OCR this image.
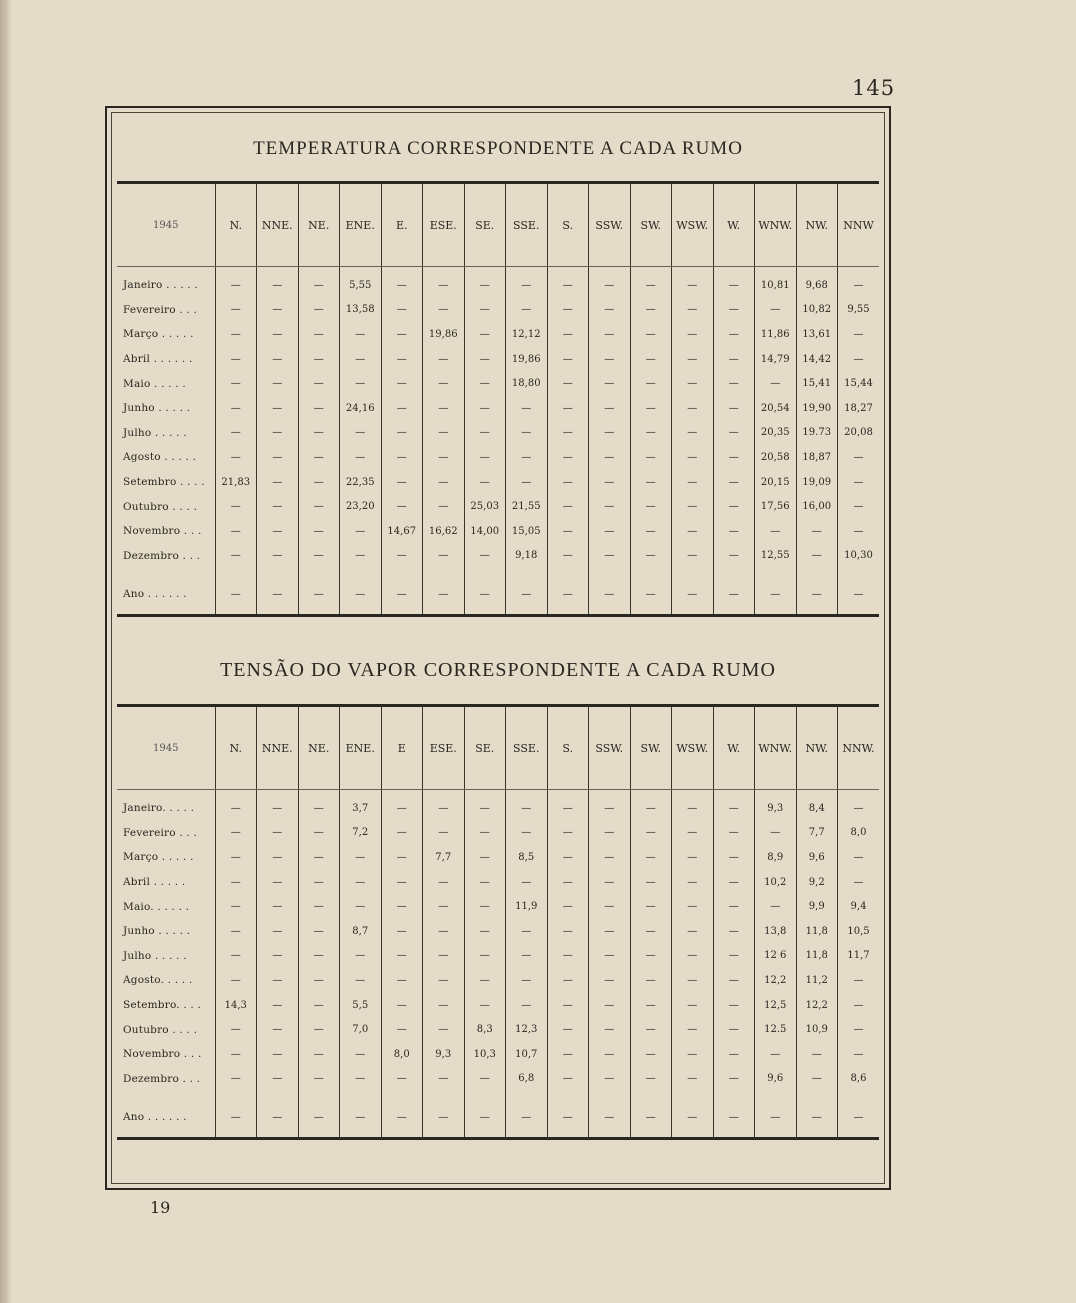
145
TEMPERATURA CORRESPONDENTE A CADA RUMO
1945	N.	NNE.	NE.	ENE.	E.	ESE.	SE.	SSE.	S.	SSW.	SW.	WSW.	W.	WNW.	NW.	NNW
Janeiro . . . . .	—	—	—	5,55	—	—	—	—	—	—	—	—	—	10,81	9,68	—
Fevereiro . . .	—	—	—	13,58	—	—	—	—	—	—	—	—	—	—	10,82	9,55
Março . . . . .	—	—	—	—	—	19,86	—	12,12	—	—	—	—	—	11,86	13,61	—
Abril . . . . . .	—	—	—	—	—	—	—	19,86	—	—	—	—	—	14,79	14,42	—
Maio . . . . .	—	—	—	—	—	—	—	18,80	—	—	—	—	—	—	15,41	15,44
Junho . . . . .	—	—	—	24,16	—	—	—	—	—	—	—	—	—	20,54	19,90	18,27
Julho . . . . .	—	—	—	—	—	—	—	—	—	—	—	—	—	20,35	19.73	20,08
Agosto . . . . .	—	—	—	—	—	—	—	—	—	—	—	—	—	20,58	18,87	—
Setembro . . . .	21,83	—	—	22,35	—	—	—	—	—	—	—	—	—	20,15	19,09	—
Outubro . . . .	—	—	—	23,20	—	—	25,03	21,55	—	—	—	—	—	17,56	16,00	—
Novembro . . .	—	—	—	—	14,67	16,62	14,00	15,05	—	—	—	—	—	—	—	—
Dezembro . . .	—	—	—	—	—	—	—	9,18	—	—	—	—	—	12,55	—	10,30
Ano . . . . . .	—	—	—	—	—	—	—	—	—	—	—	—	—	—	—	—
TENSÃO DO VAPOR CORRESPONDENTE A CADA RUMO
1945	N.	NNE.	NE.	ENE.	E	ESE.	SE.	SSE.	S.	SSW.	SW.	WSW.	W.	WNW.	NW.	NNW.
Janeiro. . . . .	—	—	—	3,7	—	—	—	—	—	—	—	—	—	9,3	8,4	—
Fevereiro . . .	—	—	—	7,2	—	—	—	—	—	—	—	—	—	—	7,7	8,0
Março . . . . .	—	—	—	—	—	7,7	—	8,5	—	—	—	—	—	8,9	9,6	—
Abril . . . . .	—	—	—	—	—	—	—	—	—	—	—	—	—	10,2	9,2	—
Maio. . . . . .	—	—	—	—	—	—	—	11,9	—	—	—	—	—	—	9,9	9,4
Junho . . . . .	—	—	—	8,7	—	—	—	—	—	—	—	—	—	13,8	11,8	10,5
Julho . . . . .	—	—	—	—	—	—	—	—	—	—	—	—	—	12 6	11,8	11,7
Agosto. . . . .	—	—	—	—	—	—	—	—	—	—	—	—	—	12,2	11,2	—
Setembro. . . .	14,3	—	—	5,5	—	—	—	—	—	—	—	—	—	12,5	12,2	—
Outubro . . . .	—	—	—	7,0	—	—	8,3	12,3	—	—	—	—	—	12.5	10,9	—
Novembro . . .	—	—	—	—	8,0	9,3	10,3	10,7	—	—	—	—	—	—	—	—
Dezembro . . .	—	—	—	—	—	—	—	6,8	—	—	—	—	—	9,6	—	8,6
Ano . . . . . .	—	—	—	—	—	—	—	—	—	—	—	—	—	—	—	—
19
